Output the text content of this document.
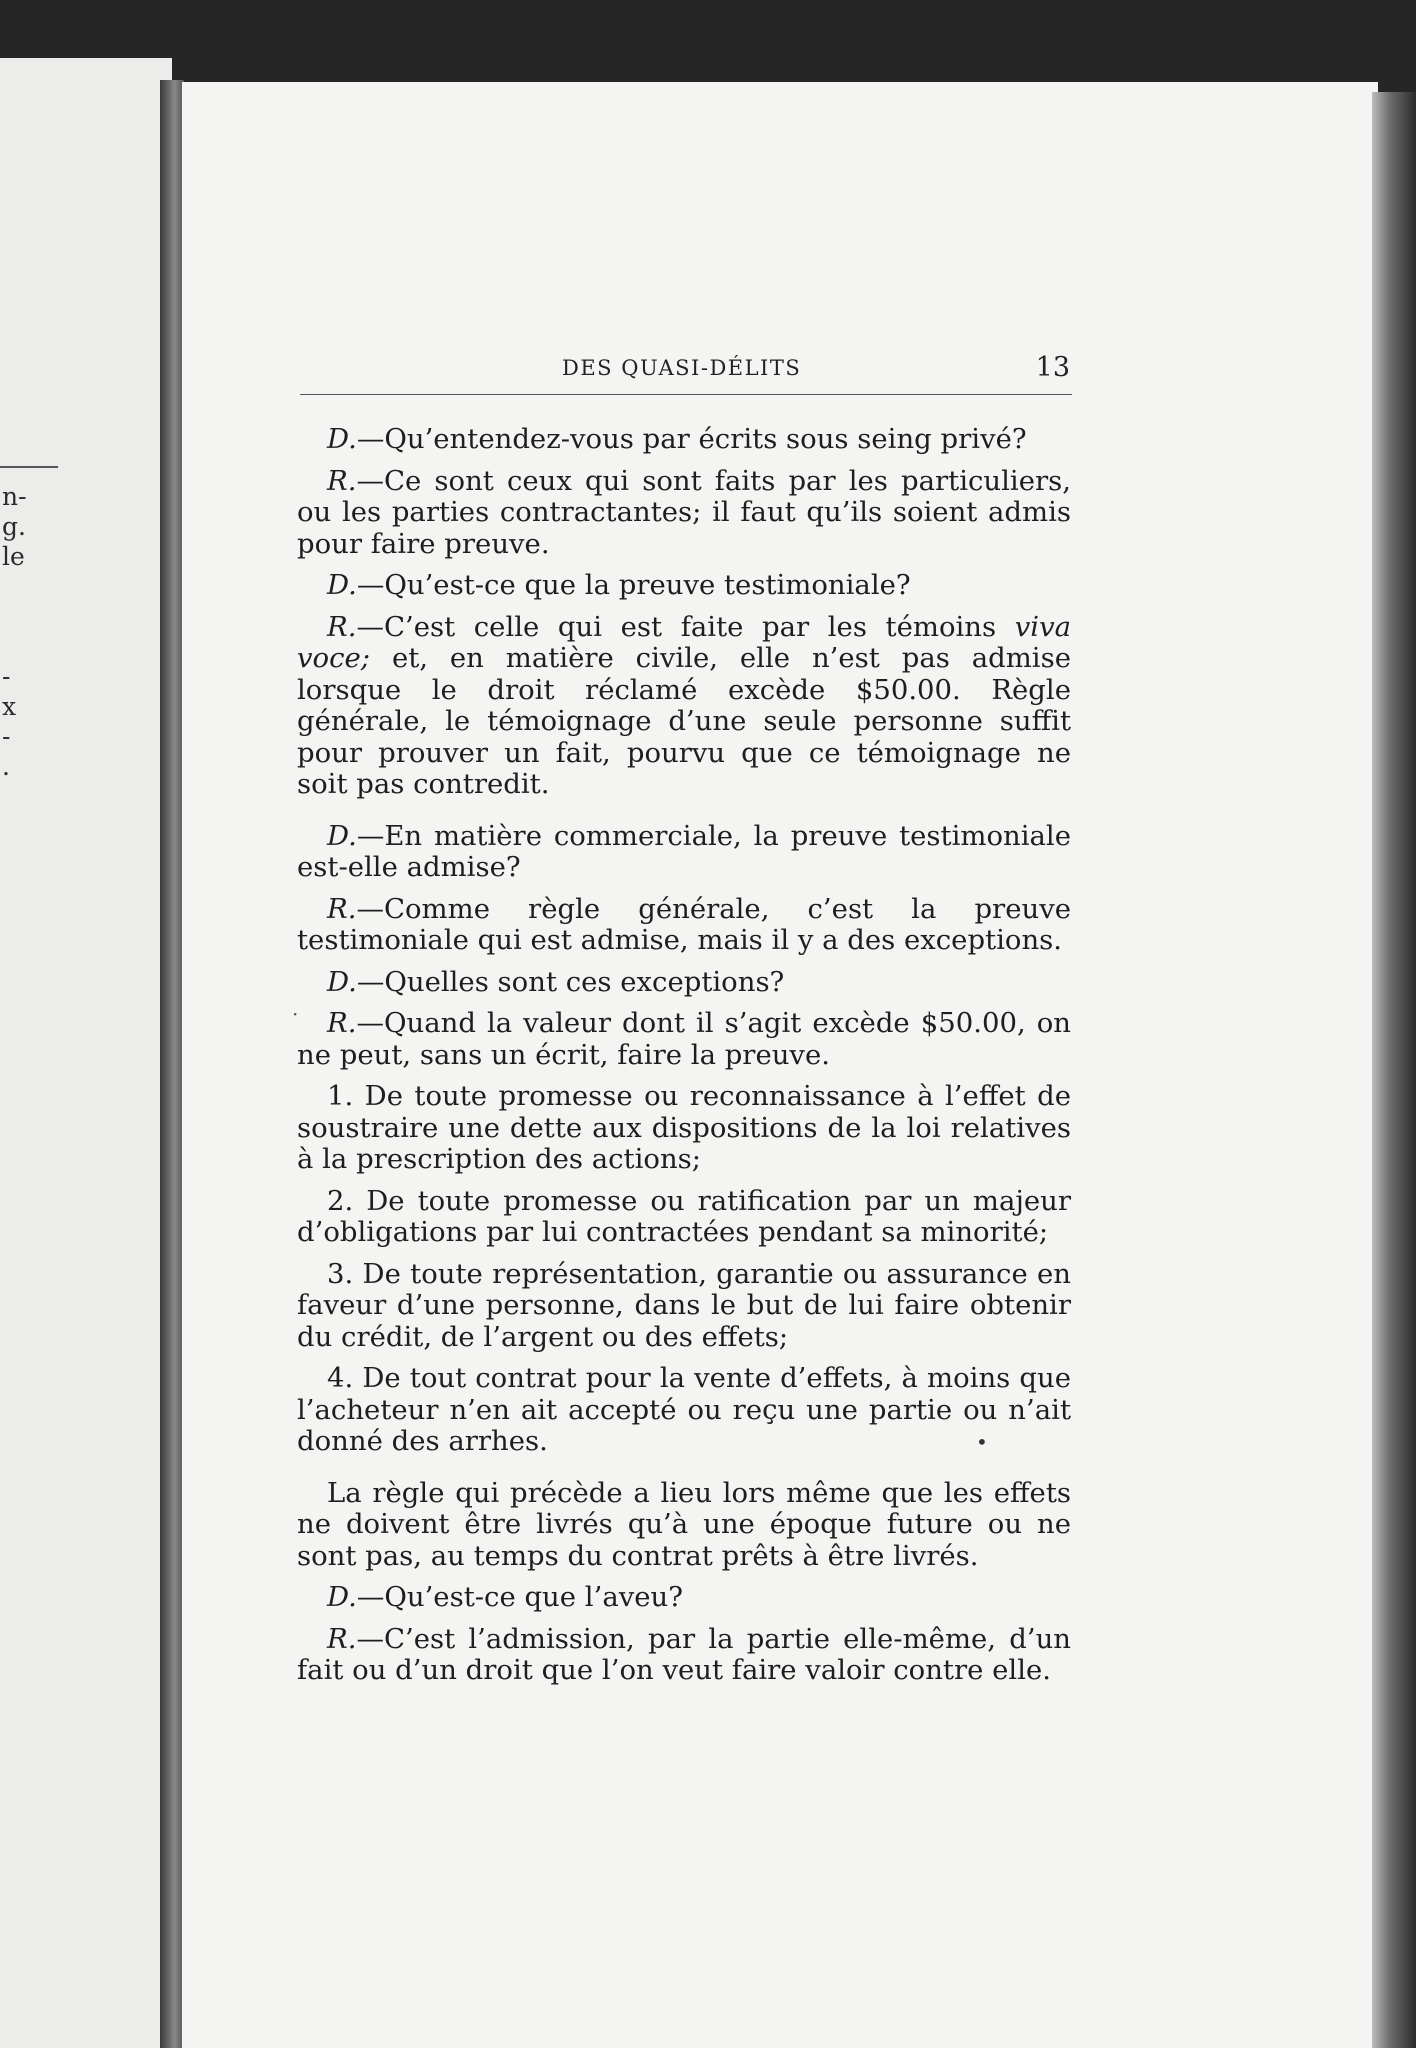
n-
g.
le
-
x
-
.
DES QUASI-DÉLITS	13

D.—Qu’entendez-vous par écrits sous seing privé?

R.—Ce sont ceux qui sont faits par les particuliers, ou les parties contractantes; il faut qu’ils soient admis pour faire preuve.

D.—Qu’est-ce que la preuve testimoniale?

R.—C’est celle qui est faite par les témoins viva voce; et, en matière civile, elle n’est pas admise lorsque le droit réclamé excède $50.00. Règle générale, le témoignage d’une seule personne suffit pour prouver un fait, pourvu que ce témoignage ne soit pas contredit.

D.—En matière commerciale, la preuve testimoniale est-elle admise?

R.—Comme règle générale, c’est la preuve testimoniale qui est admise, mais il y a des exceptions.

D.—Quelles sont ces exceptions?

R.—Quand la valeur dont il s’agit excède $50.00, on ne peut, sans un écrit, faire la preuve.

1. De toute promesse ou reconnaissance à l’effet de soustraire une dette aux dispositions de la loi relatives à la prescription des actions;

2. De toute promesse ou ratification par un majeur d’obligations par lui contractées pendant sa minorité;

3. De toute représentation, garantie ou assurance en faveur d’une personne, dans le but de lui faire obtenir du crédit, de l’argent ou des effets;

4. De tout contrat pour la vente d’effets, à moins que l’acheteur n’en ait accepté ou reçu une partie ou n’ait donné des arrhes.

La règle qui précède a lieu lors même que les effets ne doivent être livrés qu’à une époque future ou ne sont pas, au temps du contrat prêts à être livrés.

D.—Qu’est-ce que l’aveu?

R.—C’est l’admission, par la partie elle-même, d’un fait ou d’un droit que l’on veut faire valoir contre elle.

•
·
